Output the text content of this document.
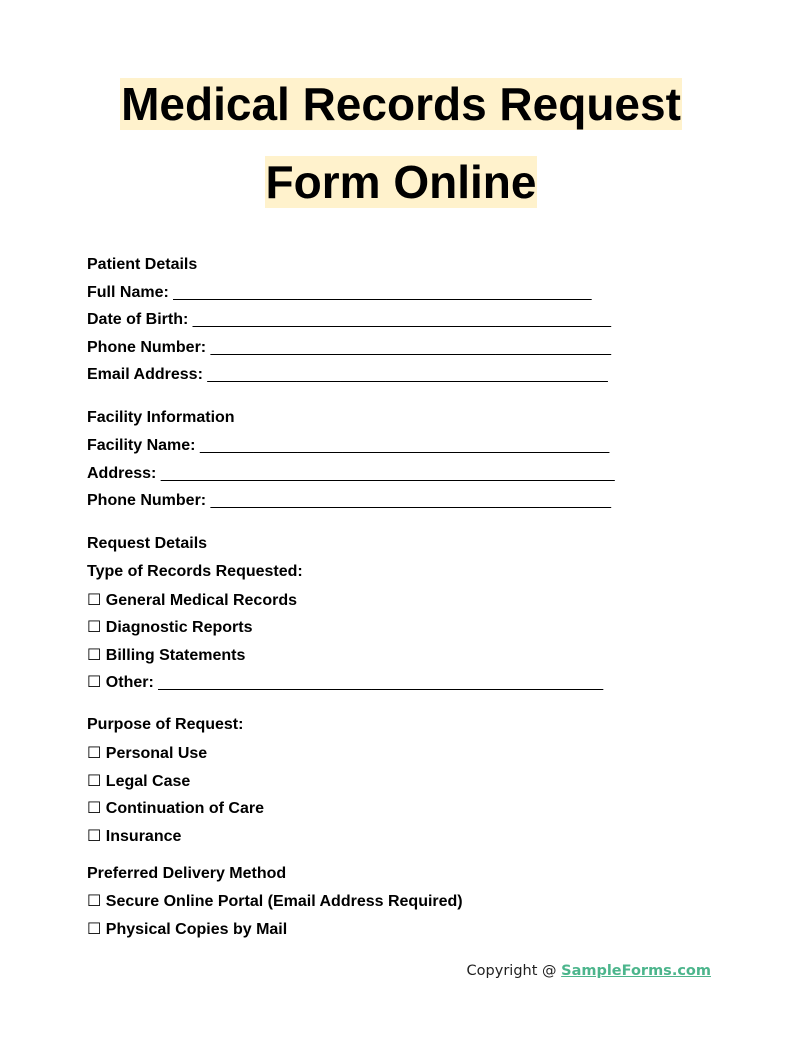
Medical Records Request
Form Online
Patient Details
Full Name: _______________________________________________
Date of Birth: _______________________________________________
Phone Number: _____________________________________________
Email Address: _____________________________________________
Facility Information
Facility Name: ______________________________________________
Address: ___________________________________________________
Phone Number: _____________________________________________
Request Details
Type of Records Requested:
☐ General Medical Records
☐ Diagnostic Reports
☐ Billing Statements
☐ Other: __________________________________________________
Purpose of Request:
☐ Personal Use
☐ Legal Case
☐ Continuation of Care
☐ Insurance
Preferred Delivery Method
☐ Secure Online Portal (Email Address Required)
☐ Physical Copies by Mail
Copyright @ SampleForms.com
